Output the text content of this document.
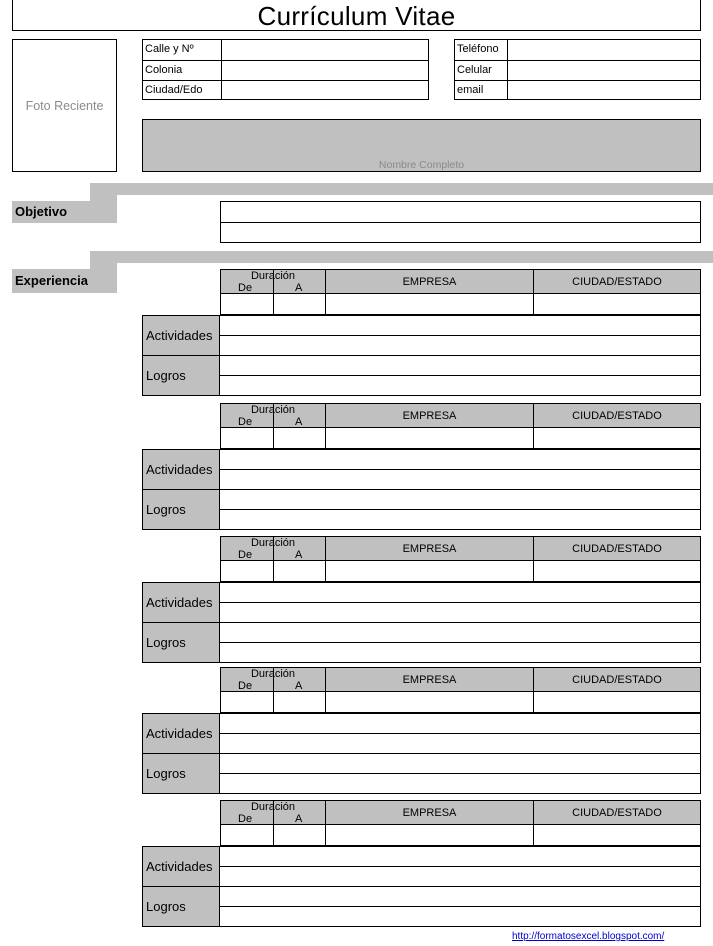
Currículum Vitae
Foto Reciente
Calle y Nº
Colonia
Ciudad/Edo
Teléfono
Celular
email
Nombre Completo
Objetivo
Experiencia	Duración
De	A	EMPRESA	CIUDAD/ESTADO
Actividades
Logros
Duración
De	A	EMPRESA	CIUDAD/ESTADO
Actividades
Logros
Duración
De	A	EMPRESA	CIUDAD/ESTADO
Actividades
Logros
Duración
De	A	EMPRESA	CIUDAD/ESTADO
Actividades
Logros
Duración
De	A	EMPRESA	CIUDAD/ESTADO
Actividades
Logros
http://formatosexcel.blogspot.com/
